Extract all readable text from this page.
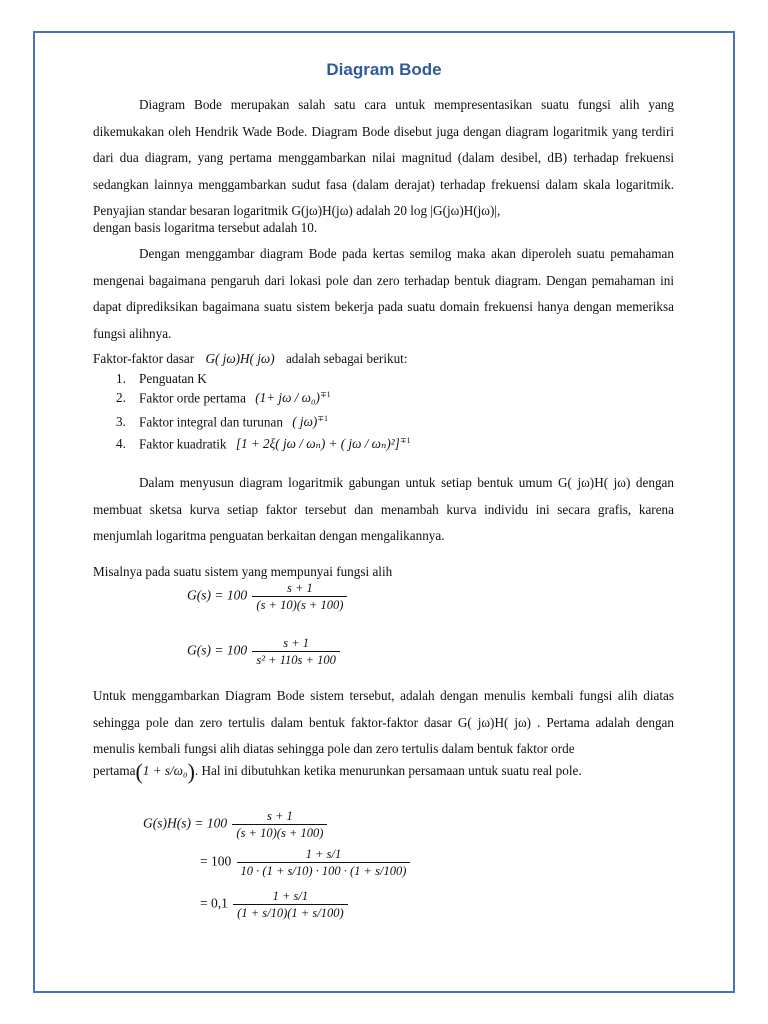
Diagram Bode

Diagram Bode merupakan salah satu cara untuk mempresentasikan suatu fungsi alih yang dikemukakan oleh Hendrik Wade Bode. Diagram Bode disebut juga dengan diagram logaritmik yang terdiri dari dua diagram, yang pertama menggambarkan nilai magnitud (dalam desibel, dB) terhadap frekuensi sedangkan lainnya menggambarkan sudut fasa (dalam derajat) terhadap frekuensi dalam skala logaritmik. Penyajian standar besaran logaritmik G(jω)H(jω) adalah 20 log |G(jω)H(jω)|,

dengan basis logaritma tersebut adalah 10.

Dengan menggambar diagram Bode pada kertas semilog maka akan diperoleh suatu pemahaman mengenai bagaimana pengaruh dari lokasi pole dan zero terhadap bentuk diagram. Dengan pemahaman ini dapat diprediksikan bagaimana suatu sistem bekerja pada suatu domain frekuensi hanya dengan memeriksa fungsi alihnya.

Faktor-faktor dasar G( jω)H( jω) adalah sebagai berikut:
1. Penguatan K
2. Faktor orde pertama $(1+ j\omega / \omega_0)^{\mp 1}$
3. Faktor integral dan turunan ( jω)$^{\mp 1}$
4. Faktor kuadratik [1 + 2ξ( jω / ωₙ) + ( jω / ωₙ)²]$^{\mp 1}$

Dalam menyusun diagram logaritmik gabungan untuk setiap bentuk umum G( jω)H( jω) dengan membuat sketsa kurva setiap faktor tersebut dan menambah kurva individu ini secara grafis, karena menjumlah logaritma penguatan berkaitan dengan mengalikannya.

Misalnya pada suatu sistem yang mempunyai fungsi alih
$G(s) = 100 \frac{s + 1}{(s + 10)(s + 100)}$
$G(s) = 100 \frac{s + 1}{\text{s² + 110s + 100}}$

Untuk menggambarkan Diagram Bode sistem tersebut, adalah dengan menulis kembali fungsi alih diatas sehingga pole dan zero tertulis dalam bentuk faktor-faktor dasar G( jω)H( jω) . Pertama adalah dengan menulis kembali fungsi alih diatas sehingga pole dan zero tertulis dalam bentuk faktor orde

pertama(1 + s/ω₀). Hal ini dibutuhkan ketika menurunkan persamaan untuk suatu real pole.
$G(s)H(s) = 100 \frac{s + 1}{(s + 10)(s + 100)}$
= $100 \frac{1 + s/1}{10 \cdot (1 + s/10) \cdot 100 \cdot (1 + s/100)}$
= $0,1 \frac{1 + s/1}{(1 + s/10)(1 + s/100)}$
